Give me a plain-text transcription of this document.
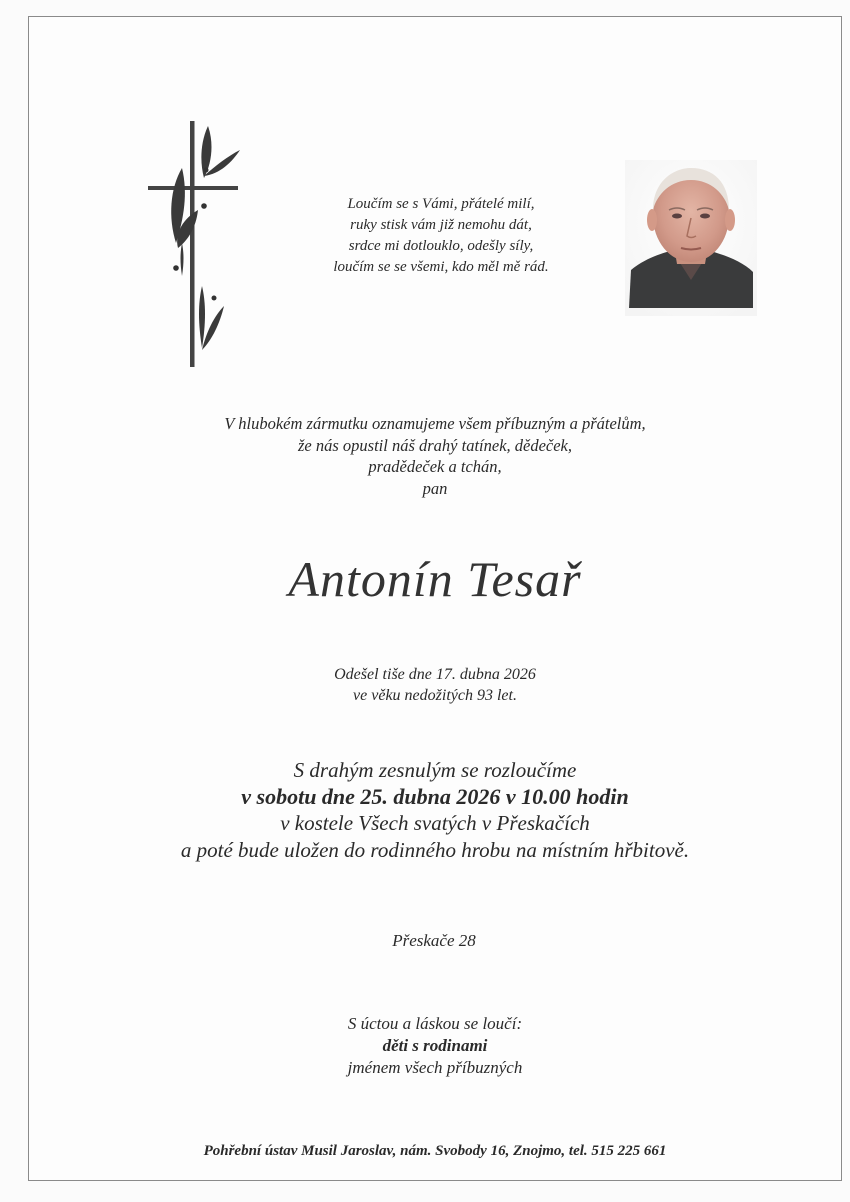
Loučím se s Vámi, přátelé milí,
ruky stisk vám již nemohu dát,
srdce mi dotlouklo, odešly síly,
loučím se se všemi, kdo měl mě rád.
V hlubokém zármutku oznamujeme všem příbuzným a přátelům,
že nás opustil náš drahý tatínek, dědeček,
pradědeček a tchán,
pan
Antonín Tesař
Odešel tiše dne 17. dubna 2026
ve věku nedožitých 93 let.
S drahým zesnulým se rozloučíme
v sobotu dne 25. dubna 2026 v 10.00 hodin
v kostele Všech svatých v Přeskačích
a poté bude uložen do rodinného hrobu na místním hřbitově.
Přeskače 28
S úctou a láskou se loučí:
děti s rodinami
jménem všech příbuzných
Pohřební ústav Musil Jaroslav, nám. Svobody 16, Znojmo, tel. 515 225 661
